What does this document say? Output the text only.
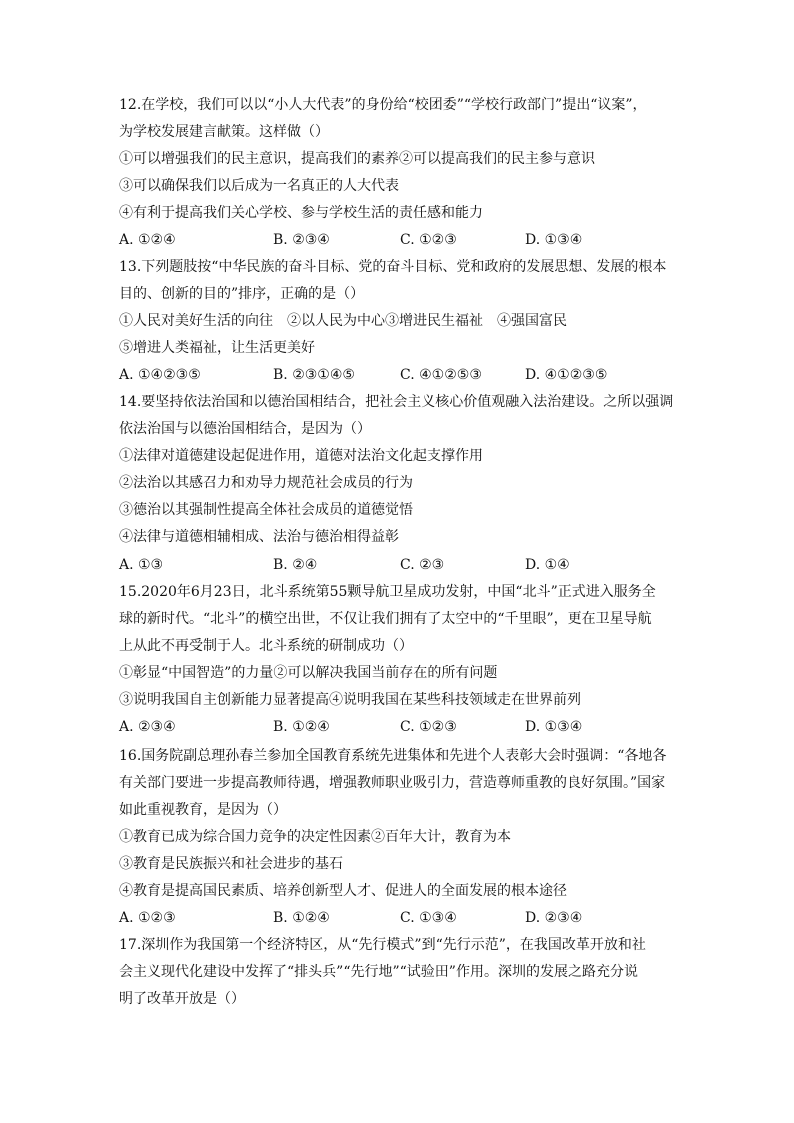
12.在学校，我们可以以“小人大代表”的身份给“校团委”“学校行政部门”提出“议案”，
为学校发展建言献策。这样做（）
①可以增强我们的民主意识，提高我们的素养②可以提高我们的民主参与意识
③可以确保我们以后成为一名真正的人大代表
④有利于提高我们关心学校、参与学校生活的责任感和能力
A. ①②④	B. ②③④	C. ①②③	D. ①③④
13.下列题肢按“中华民族的奋斗目标、党的奋斗目标、党和政府的发展思想、发展的根本
目的、创新的目的”排序，正确的是（）
①人民对美好生活的向往　②以人民为中心③增进民生福祉　④强国富民
⑤增进人类福祉，让生活更美好
A. ①④②③⑤	B. ②③①④⑤	C. ④①②⑤③	D. ④①②③⑤
14.要坚持依法治国和以德治国相结合，把社会主义核心价值观融入法治建设。之所以强调
依法治国与以德治国相结合，是因为（）
①法律对道德建设起促进作用，道德对法治文化起支撑作用
②法治以其感召力和劝导力规范社会成员的行为
③德治以其强制性提高全体社会成员的道德觉悟
④法律与道德相辅相成、法治与德治相得益彰
A. ①③	B. ②④	C. ②③	D. ①④
15.2020年6月23日，北斗系统第55颗导航卫星成功发射，中国“北斗”正式进入服务全
球的新时代。“北斗”的横空出世，不仅让我们拥有了太空中的“千里眼”，更在卫星导航
上从此不再受制于人。北斗系统的研制成功（）
①彰显“中国智造”的力量②可以解决我国当前存在的所有问题
③说明我国自主创新能力显著提高④说明我国在某些科技领域走在世界前列
A. ②③④	B. ①②④	C. ①②③	D. ①③④
16.国务院副总理孙春兰参加全国教育系统先进集体和先进个人表彰大会时强调：“各地各
有关部门要进一步提高教师待遇，增强教师职业吸引力，营造尊师重教的良好氛围。”国家
如此重视教育，是因为（）
①教育已成为综合国力竞争的决定性因素②百年大计，教育为本
③教育是民族振兴和社会进步的基石
④教育是提高国民素质、培养创新型人才、促进人的全面发展的根本途径
A. ①②③	B. ①②④	C. ①③④	D. ②③④
17.深圳作为我国第一个经济特区，从“先行模式”到“先行示范”，在我国改革开放和社
会主义现代化建设中发挥了“排头兵”“先行地”“试验田”作用。深圳的发展之路充分说
明了改革开放是（）
